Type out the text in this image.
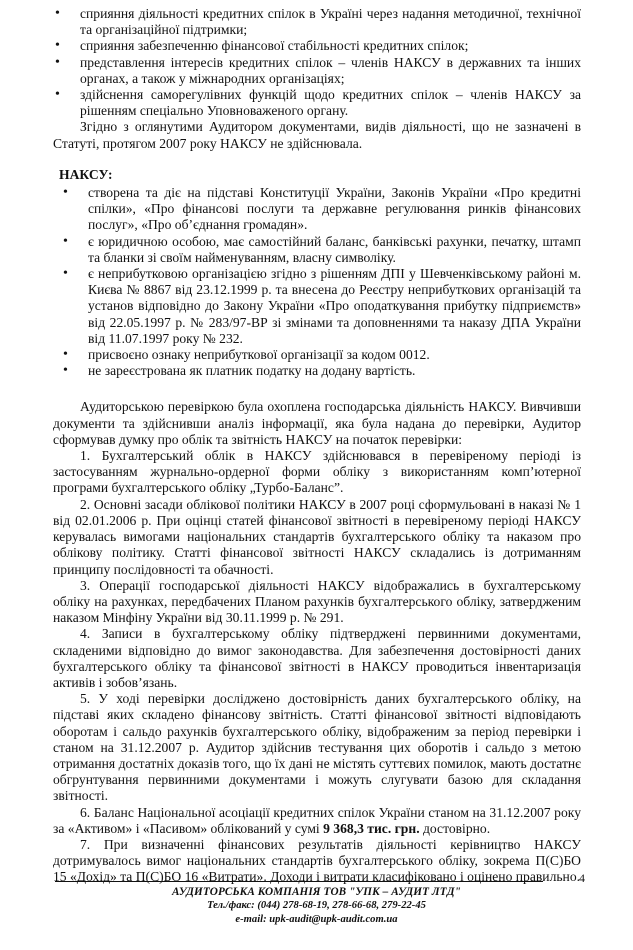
• сприяння діяльності кредитних спілок в Україні через надання методичної, технічної та організаційної підтримки;
• сприяння забезпеченню фінансової стабільності кредитних спілок;
• представлення інтересів кредитних спілок – членів НАКСУ в державних та інших органах, а також у міжнародних організаціях;
• здійснення саморегулівних функцій щодо кредитних спілок – членів НАКСУ за рішенням спеціально Уповноваженого органу.

Згідно з оглянутими Аудитором документами, видів діяльності, що не зазначені в Статуті, протягом 2007 року НАКСУ не здійснювала.

НАКСУ:
• створена та діє на підставі Конституції України, Законів України «Про кредитні спілки», «Про фінансові послуги та державне регулювання ринків фінансових послуг», «Про об’єднання громадян».
• є юридичною особою, має самостійний баланс, банківські рахунки, печатку, штамп та бланки зі своїм найменуванням, власну символіку.
• є неприбутковою організацією згідно з рішенням ДПІ у Шевченківському районі м. Києва № 8867 від 23.12.1999 р. та внесена до Реєстру неприбуткових організацій та установ відповідно до Закону України «Про оподаткування прибутку підприємств» від 22.05.1997 р. № 283/97-ВР зі змінами та доповненнями та наказу ДПА України від 11.07.1997 року № 232.
• присвоєно ознаку неприбуткової організації за кодом 0012.
• не зареєстрована як платник податку на додану вартість.

Аудиторською перевіркою була охоплена господарська діяльність НАКСУ. Вивчивши документи та здійснивши аналіз інформації, яка була надана до перевірки, Аудитор сформував думку про облік та звітність НАКСУ на початок перевірки:

1. Бухгалтерський облік в НАКСУ здійснювався в перевіреному періоді із застосуванням журнально-ордерної форми обліку з використанням комп’ютерної програми бухгалтерського обліку „Турбо-Баланс”.

2. Основні засади облікової політики НАКСУ в 2007 році сформульовані в наказі № 1 від 02.01.2006 р. При оцінці статей фінансової звітності в перевіреному періоді НАКСУ керувалась вимогами національних стандартів бухгалтерського обліку та наказом про облікову політику. Статті фінансової звітності НАКСУ складались із дотриманням принципу послідовності та обачності.

3. Операції господарської діяльності НАКСУ відображались в бухгалтерському обліку на рахунках, передбачених Планом рахунків бухгалтерського обліку, затвердженим наказом Мінфіну України від 30.11.1999 р. № 291.

4. Записи в бухгалтерському обліку підтверджені первинними документами, складеними відповідно до вимог законодавства. Для забезпечення достовірності даних бухгалтерського обліку та фінансової звітності в НАКСУ проводиться інвентаризація активів і зобов’язань.

5. У ході перевірки досліджено достовірність даних бухгалтерського обліку, на підставі яких складено фінансову звітність. Статті фінансової звітності відповідають оборотам і сальдо рахунків бухгалтерського обліку, відображеним за період перевірки і станом на 31.12.2007 р. Аудитор здійснив тестування цих оборотів і сальдо з метою отримання достатніх доказів того, що їх дані не містять суттєвих помилок, мають достатнє обгрунтування первинними документами і можуть слугувати базою для складання звітності.

6. Баланс Національної асоціації кредитних спілок України станом на 31.12.2007 року за «Активом» і «Пасивом» облікований у сумі 9 368,3 тис. грн. достовірно.

7. При визначенні фінансових результатів діяльності керівництво НАКСУ дотримувалось вимог національних стандартів бухгалтерського обліку, зокрема П(С)БО 15 «Дохід» та П(С)БО 16 «Витрати». Доходи і витрати класифіковано і оцінено правильно.

4
АУДИТОРСЬКА КОМПАНІЯ ТОВ "УПК – АУДИТ ЛТД"
Тел./факс: (044) 278-68-19, 278-66-68, 279-22-45
e-mail: upk-audit@upk-audit.com.ua
